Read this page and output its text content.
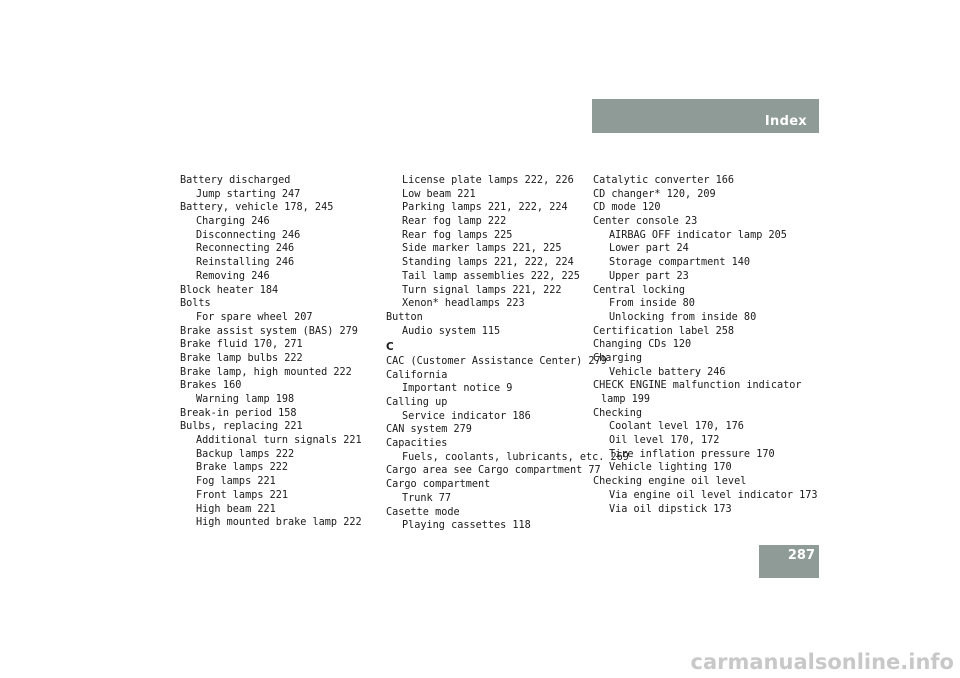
Index
Battery discharged
Jump starting 247
Battery, vehicle 178, 245
Charging 246
Disconnecting 246
Reconnecting 246
Reinstalling 246
Removing 246
Block heater 184
Bolts
For spare wheel 207
Brake assist system (BAS) 279
Brake fluid 170, 271
Brake lamp bulbs 222
Brake lamp, high mounted 222
Brakes 160
Warning lamp 198
Break-in period 158
Bulbs, replacing 221
Additional turn signals 221
Backup lamps 222
Brake lamps 222
Fog lamps 221
Front lamps 221
High beam 221
High mounted brake lamp 222
License plate lamps 222, 226
Low beam 221
Parking lamps 221, 222, 224
Rear fog lamp 222
Rear fog lamps 225
Side marker lamps 221, 225
Standing lamps 221, 222, 224
Tail lamp assemblies 222, 225
Turn signal lamps 221, 222
Xenon* headlamps 223
Button
Audio system 115
C
CAC (Customer Assistance Center) 279
California
Important notice 9
Calling up
Service indicator 186
CAN system 279
Capacities
Fuels, coolants, lubricants, etc. 269
Cargo area see Cargo compartment 77
Cargo compartment
Trunk 77
Casette mode
Playing cassettes 118
Catalytic converter 166
CD changer* 120, 209
CD mode 120
Center console 23
AIRBAG OFF indicator lamp 205
Lower part 24
Storage compartment 140
Upper part 23
Central locking
From inside 80
Unlocking from inside 80
Certification label 258
Changing CDs 120
Charging
Vehicle battery 246
CHECK ENGINE malfunction indicator
lamp 199
Checking
Coolant level 170, 176
Oil level 170, 172
Tire inflation pressure 170
Vehicle lighting 170
Checking engine oil level
Via engine oil level indicator 173
Via oil dipstick 173
287
carmanualsonline.info
